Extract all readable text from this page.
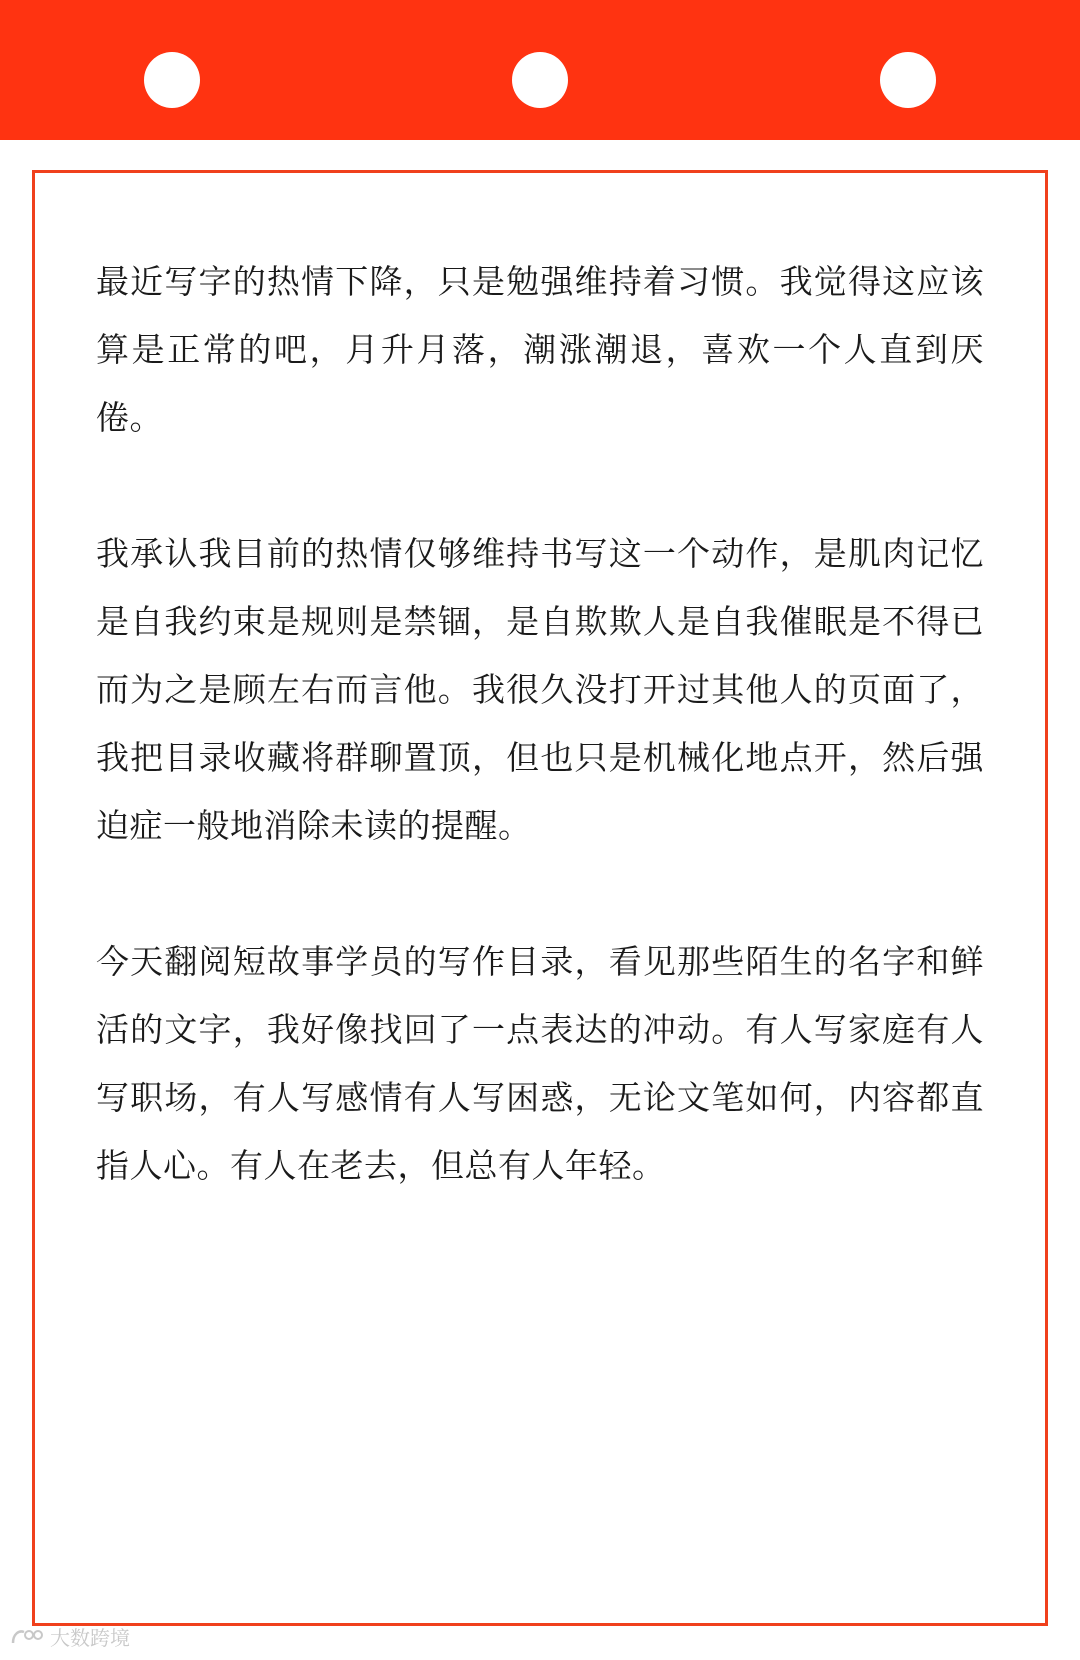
最近写字的热情下降，只是勉强维持着习惯。我觉得这应该算是正常的吧，月升月落，潮涨潮退，喜欢一个人直到厌倦。

我承认我目前的热情仅够维持书写这一个动作，是肌肉记忆是自我约束是规则是禁锢，是自欺欺人是自我催眠是不得已而为之是顾左右而言他。我很久没打开过其他人的页面了，我把目录收藏将群聊置顶，但也只是机械化地点开，然后强迫症一般地消除未读的提醒。

今天翻阅短故事学员的写作目录，看见那些陌生的名字和鲜活的文字，我好像找回了一点表达的冲动。有人写家庭有人写职场，有人写感情有人写困惑，无论文笔如何，内容都直指人心。有人在老去，但总有人年轻。

大数跨境
